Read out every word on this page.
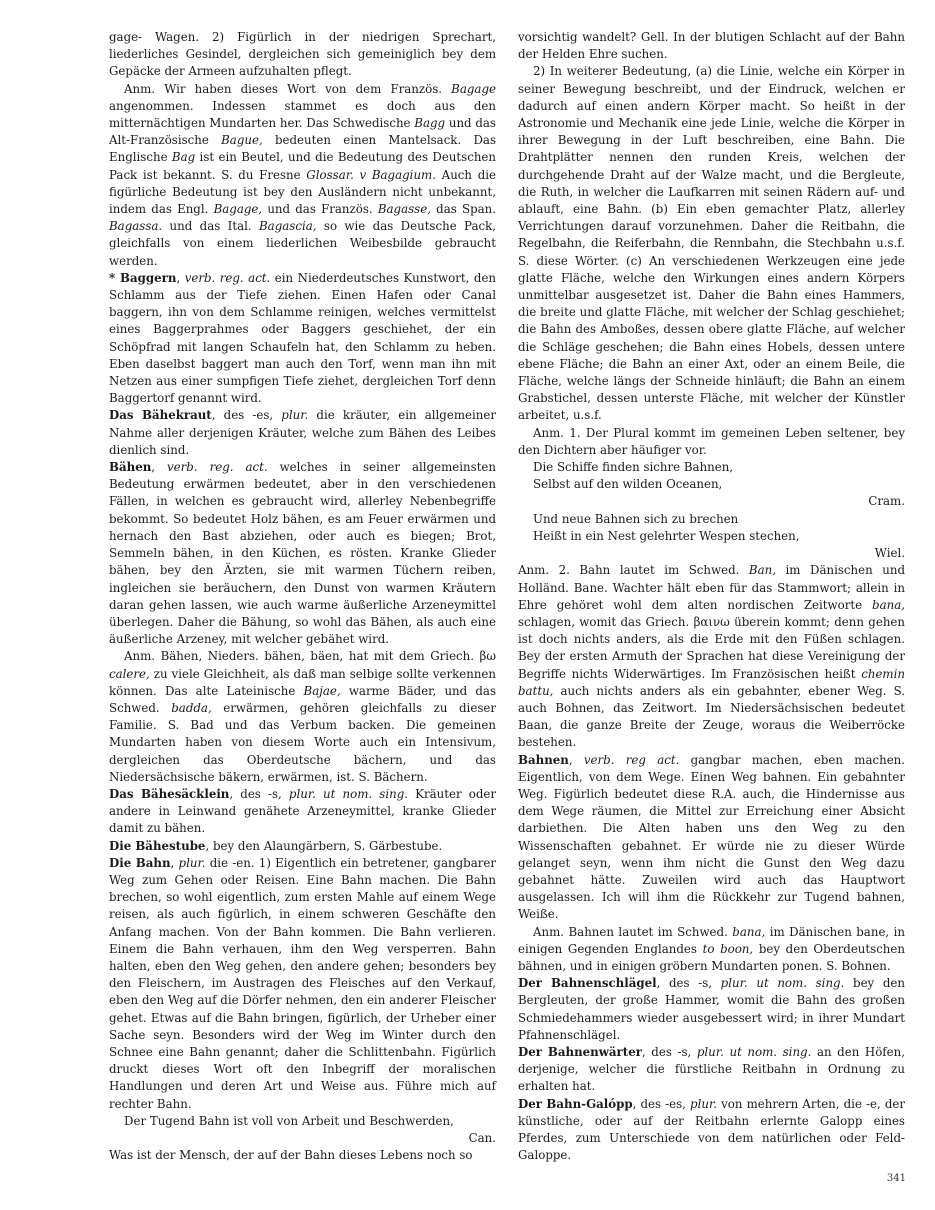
gage- Wagen. 2) Figürlich in der niedrigen Sprechart, liederliches Gesindel, dergleichen sich gemeiniglich bey dem Gepäcke der Armeen aufzuhalten pflegt.

Anm. Wir haben dieses Wort von dem Französ. Bagage angenommen. Indessen stammet es doch aus den mitternächtigen Mundarten her. Das Schwedische Bagg und das Alt-Französische Bague, bedeuten einen Mantelsack. Das Englische Bag ist ein Beutel, und die Bedeutung des Deutschen Pack ist bekannt. S. du Fresne Glossar. v Bagagium. Auch die figürliche Bedeutung ist bey den Ausländern nicht unbekannt, indem das Engl. Bagage, und das Französ. Bagasse, das Span. Bagassa. und das Ital. Bagascia, so wie das Deutsche Pack, gleichfalls von einem liederlichen Weibesbilde gebraucht werden.

* Baggern, verb. reg. act. ein Niederdeutsches Kunstwort, den Schlamm aus der Tiefe ziehen. Einen Hafen oder Canal baggern, ihn von dem Schlamme reinigen, welches vermittelst eines Baggerprahmes oder Baggers geschiehet, der ein Schöpfrad mit langen Schaufeln hat, den Schlamm zu heben. Eben daselbst baggert man auch den Torf, wenn man ihn mit Netzen aus einer sumpfigen Tiefe ziehet, dergleichen Torf denn Baggertorf genannt wird.

Das Bähekraut, des -es, plur. die kräuter, ein allgemeiner Nahme aller derjenigen Kräuter, welche zum Bähen des Leibes dienlich sind.

Bähen, verb. reg. act. welches in seiner allgemeinsten Bedeutung erwärmen bedeutet, aber in den verschiedenen Fällen, in welchen es gebraucht wird, allerley Nebenbegriffe bekommt. So bedeutet Holz bähen, es am Feuer erwärmen und hernach den Bast abziehen, oder auch es biegen; Brot, Semmeln bähen, in den Küchen, es rösten. Kranke Glieder bähen, bey den Ärzten, sie mit warmen Tüchern reiben, ingleichen sie beräuchern, den Dunst von warmen Kräutern daran gehen lassen, wie auch warme äußerliche Arzeneymittel überlegen. Daher die Bähung, so wohl das Bähen, als auch eine äußerliche Arzeney, mit welcher gebähet wird.

Anm. Bähen, Nieders. bähen, bäen, hat mit dem Griech. βω calere, zu viele Gleichheit, als daß man selbige sollte verkennen können. Das alte Lateinische Bajae, warme Bäder, und das Schwed. badda, erwärmen, gehören gleichfalls zu dieser Familie. S. Bad und das Verbum backen. Die gemeinen Mundarten haben von diesem Worte auch ein Intensivum, dergleichen das Oberdeutsche bächern, und das Niedersächsische bäkern, erwärmen, ist. S. Bächern.

Das Bähesäcklein, des -s, plur. ut nom. sing. Kräuter oder andere in Leinwand genähete Arzeneymittel, kranke Glieder damit zu bähen.

Die Bähestube, bey den Alaungärbern, S. Gärbestube.

Die Bahn, plur. die -en. 1) Eigentlich ein betretener, gangbarer Weg zum Gehen oder Reisen. Eine Bahn machen. Die Bahn brechen, so wohl eigentlich, zum ersten Mahle auf einem Wege reisen, als auch figürlich, in einem schweren Geschäfte den Anfang machen. Von der Bahn kommen. Die Bahn verlieren. Einem die Bahn verhauen, ihm den Weg versperren. Bahn halten, eben den Weg gehen, den andere gehen; besonders bey den Fleischern, im Austragen des Fleisches auf den Verkauf, eben den Weg auf die Dörfer nehmen, den ein anderer Fleischer gehet. Etwas auf die Bahn bringen, figürlich, der Urheber einer Sache seyn. Besonders wird der Weg im Winter durch den Schnee eine Bahn genannt; daher die Schlittenbahn. Figürlich druckt dieses Wort oft den Inbegriff der moralischen Handlungen und deren Art und Weise aus. Führe mich auf rechter Bahn.

Der Tugend Bahn ist voll von Arbeit und Beschwerden,

Can.

Was ist der Mensch, der auf der Bahn dieses Lebens noch so

vorsichtig wandelt? Gell. In der blutigen Schlacht auf der Bahn der Helden Ehre suchen.

2) In weiterer Bedeutung, (a) die Linie, welche ein Körper in seiner Bewegung beschreibt, und der Eindruck, welchen er dadurch auf einen andern Körper macht. So heißt in der Astronomie und Mechanik eine jede Linie, welche die Körper in ihrer Bewegung in der Luft beschreiben, eine Bahn. Die Drahtplätter nennen den runden Kreis, welchen der durchgehende Draht auf der Walze macht, und die Bergleute, die Ruth, in welcher die Laufkarren mit seinen Rädern auf- und ablauft, eine Bahn. (b) Ein eben gemachter Platz, allerley Verrichtungen darauf vorzunehmen. Daher die Reitbahn, die Regelbahn, die Reiferbahn, die Rennbahn, die Stechbahn u.s.f. S. diese Wörter. (c) An verschiedenen Werkzeugen eine jede glatte Fläche, welche den Wirkungen eines andern Körpers unmittelbar ausgesetzet ist. Daher die Bahn eines Hammers, die breite und glatte Fläche, mit welcher der Schlag geschiehet; die Bahn des Amboßes, dessen obere glatte Fläche, auf welcher die Schläge geschehen; die Bahn eines Hobels, dessen untere ebene Fläche; die Bahn an einer Axt, oder an einem Beile, die Fläche, welche längs der Schneide hinläuft; die Bahn an einem Grabstichel, dessen unterste Fläche, mit welcher der Künstler arbeitet, u.s.f.

Anm. 1. Der Plural kommt im gemeinen Leben seltener, bey den Dichtern aber häufiger vor.

Die Schiffe finden sichre Bahnen,

Selbst auf den wilden Oceanen,

Cram.

Und neue Bahnen sich zu brechen

Heißt in ein Nest gelehrter Wespen stechen,

Wiel.

Anm. 2. Bahn lautet im Schwed. Ban, im Dänischen und Holländ. Bane. Wachter hält eben für das Stammwort; allein in Ehre gehöret wohl dem alten nordischen Zeitworte bana, schlagen, womit das Griech. βαινω überein kommt; denn gehen ist doch nichts anders, als die Erde mit den Füßen schlagen. Bey der ersten Armuth der Sprachen hat diese Vereinigung der Begriffe nichts Widerwärtiges. Im Französischen heißt chemin battu, auch nichts anders als ein gebahnter, ebener Weg. S. auch Bohnen, das Zeitwort. Im Niedersächsischen bedeutet Baan, die ganze Breite der Zeuge, woraus die Weiberröcke bestehen.

Bahnen, verb. reg act. gangbar machen, eben machen. Eigentlich, von dem Wege. Einen Weg bahnen. Ein gebahnter Weg. Figürlich bedeutet diese R.A. auch, die Hindernisse aus dem Wege räumen, die Mittel zur Erreichung einer Absicht darbiethen. Die Alten haben uns den Weg zu den Wissenschaften gebahnet. Er würde nie zu dieser Würde gelanget seyn, wenn ihm nicht die Gunst den Weg dazu gebahnet hätte. Zuweilen wird auch das Hauptwort ausgelassen. Ich will ihm die Rückkehr zur Tugend bahnen, Weiße.

Anm. Bahnen lautet im Schwed. bana, im Dänischen bane, in einigen Gegenden Englandes to boon, bey den Oberdeutschen bähnen, und in einigen gröbern Mundarten ponen. S. Bohnen.

Der Bahnenschlägel, des -s, plur. ut nom. sing. bey den Bergleuten, der große Hammer, womit die Bahn des großen Schmiedehammers wieder ausgebessert wird; in ihrer Mundart Pfahnenschlägel.

Der Bahnenwärter, des -s, plur. ut nom. sing. an den Höfen, derjenige, welcher die fürstliche Reitbahn in Ordnung zu erhalten hat.

Der Bahn-Galópp, des -es, plur. von mehrern Arten, die -e, der künstliche, oder auf der Reitbahn erlernte Galopp eines Pferdes, zum Unterschiede von dem natürlichen oder Feld-Galoppe.

341
